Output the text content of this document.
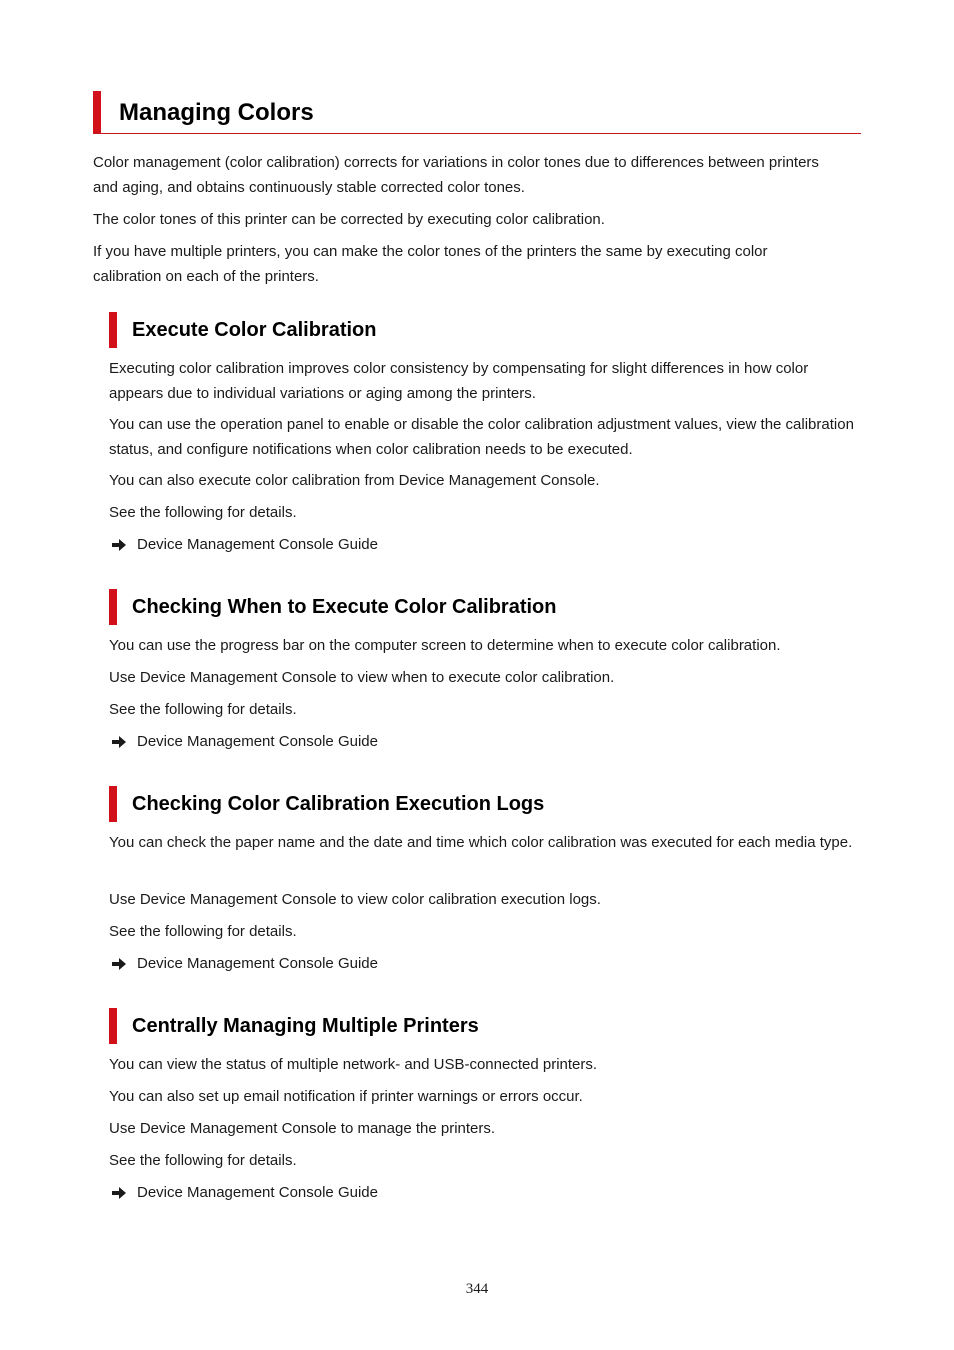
Managing Colors

Color management (color calibration) corrects for variations in color tones due to differences between printers and aging, and obtains continuously stable corrected color tones.

The color tones of this printer can be corrected by executing color calibration.

If you have multiple printers, you can make the color tones of the printers the same by executing color calibration on each of the printers.

Execute Color Calibration

Executing color calibration improves color consistency by compensating for slight differences in how color appears due to individual variations or aging among the printers.

You can use the operation panel to enable or disable the color calibration adjustment values, view the calibration status, and configure notifications when color calibration needs to be executed.

You can also execute color calibration from Device Management Console.

See the following for details.

Device Management Console Guide
Checking When to Execute Color Calibration

You can use the progress bar on the computer screen to determine when to execute color calibration.

Use Device Management Console to view when to execute color calibration.

See the following for details.

Device Management Console Guide
Checking Color Calibration Execution Logs

You can check the paper name and the date and time which color calibration was executed for each media type.

Use Device Management Console to view color calibration execution logs.

See the following for details.

Device Management Console Guide
Centrally Managing Multiple Printers

You can view the status of multiple network- and USB-connected printers.

You can also set up email notification if printer warnings or errors occur.

Use Device Management Console to manage the printers.

See the following for details.

Device Management Console Guide
344
